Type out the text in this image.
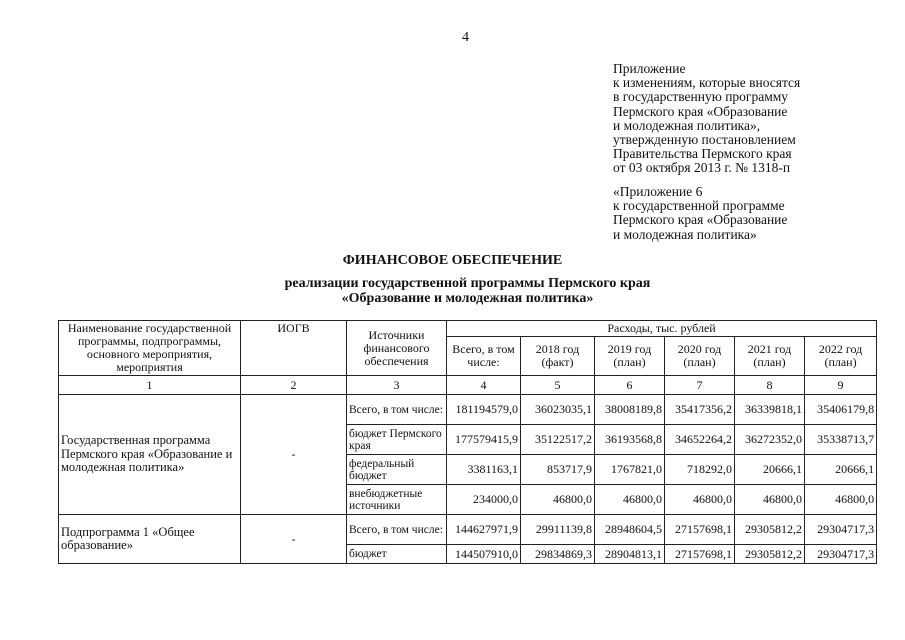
4
Приложение
к изменениям, которые вносятся
в государственную программу
Пермского края «Образование
и молодежная политика»,
утвержденную постановлением
Правительства Пермского края
от 03 октября 2013 г. № 1318-п
«Приложение 6
к государственной программе
Пермского края «Образование
и молодежная политика»
ФИНАНСОВОЕ ОБЕСПЕЧЕНИЕ
реализации государственной программы Пермского края
«Образование и молодежная политика»
Наименование государственной программы, подпрограммы, основного мероприятия, мероприятия	ИОГВ	Источники финансового обеспечения	Расходы, тыс. рублей					
			Всего, в том числе:	2018 год (факт)	2019 год (план)	2020 год (план)	2021 год (план)	2022 год (план)
1	2	3	4	5	6	7	8	9
Государственная программа Пермского края «Образование и молодежная политика»	-	Всего, в том числе:	181194579,0	36023035,1	38008189,8	35417356,2	36339818,1	35406179,8
		бюджет Пермского края	177579415,9	35122517,2	36193568,8	34652264,2	36272352,0	35338713,7
		федеральный бюджет	3381163,1	853717,9	1767821,0	718292,0	20666,1	20666,1
		внебюджетные источники	234000,0	46800,0	46800,0	46800,0	46800,0	46800,0
Подпрограмма 1 «Общее образование»	-	Всего, в том числе:	144627971,9	29911139,8	28948604,5	27157698,1	29305812,2	29304717,3
		бюджет	144507910,0	29834869,3	28904813,1	27157698,1	29305812,2	29304717,3
